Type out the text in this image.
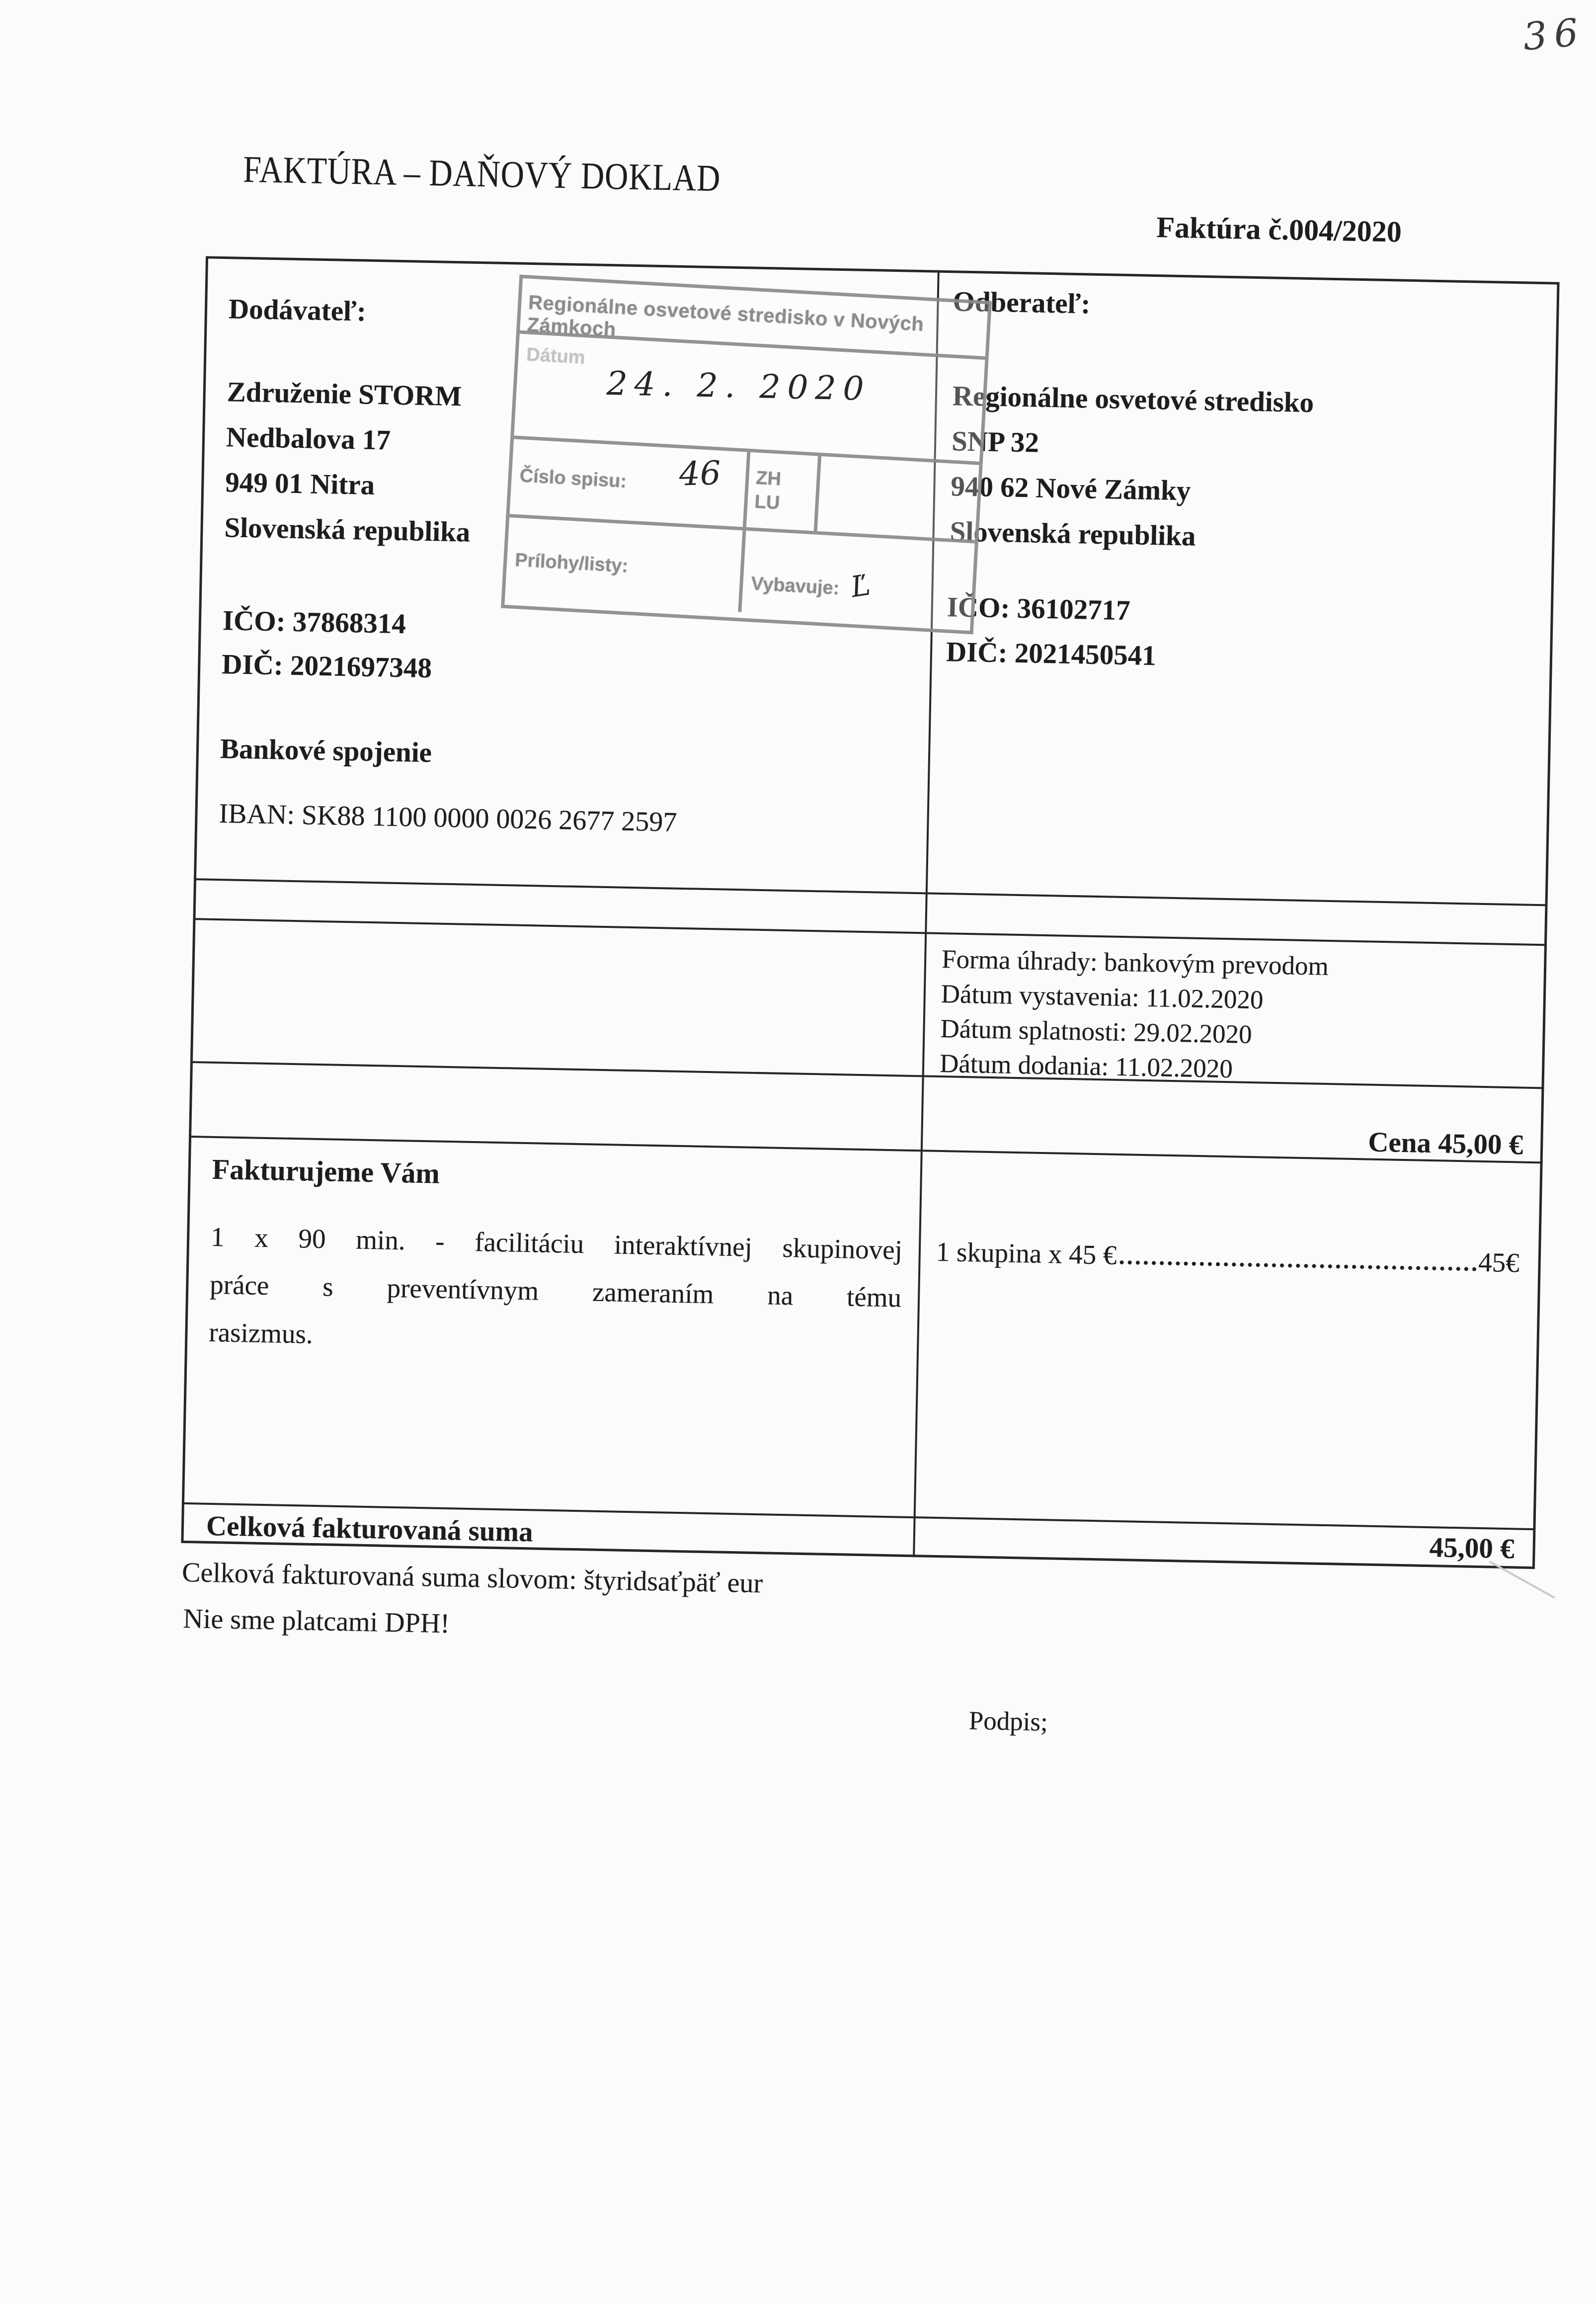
36
FAKTÚRA – DAŇOVÝ DOKLAD
Faktúra č.004/2020
Dodávateľ:
Združenie STORM
Nedbalova 17
949 01 Nitra
Slovenská republika
IČO: 37868314
DIČ: 2021697348
Bankové spojenie
IBAN: SK88 1100 0000 0026 2677 2597
Odberateľ:
Regionálne osvetové stredisko
SNP 32
940 62 Nové Zámky
Slovenská republika
IČO: 36102717
DIČ: 2021450541
Regionálne osvetové stredisko v Nových Zámkoch
Dátum
24. 2. 2020
Číslo spisu:	46 ZH
LU
Prílohy/listy:
Vybavuje: Ľ
Forma úhrady: bankovým prevodom
Dátum vystavenia: 11.02.2020
Dátum splatnosti: 29.02.2020
Dátum dodania: 11.02.2020
Cena 45,00 €
Fakturujeme Vám
1 x 90 min. - facilitáciu interaktívnej skupinovej
práce s preventívnym zameraním na tému
rasizmus.
1 skupina x 45 €	45€
Celková fakturovaná suma
45,00 €
Celková fakturovaná suma slovom: štyridsaťpäť eur
Nie sme platcami DPH!
Podpis;
